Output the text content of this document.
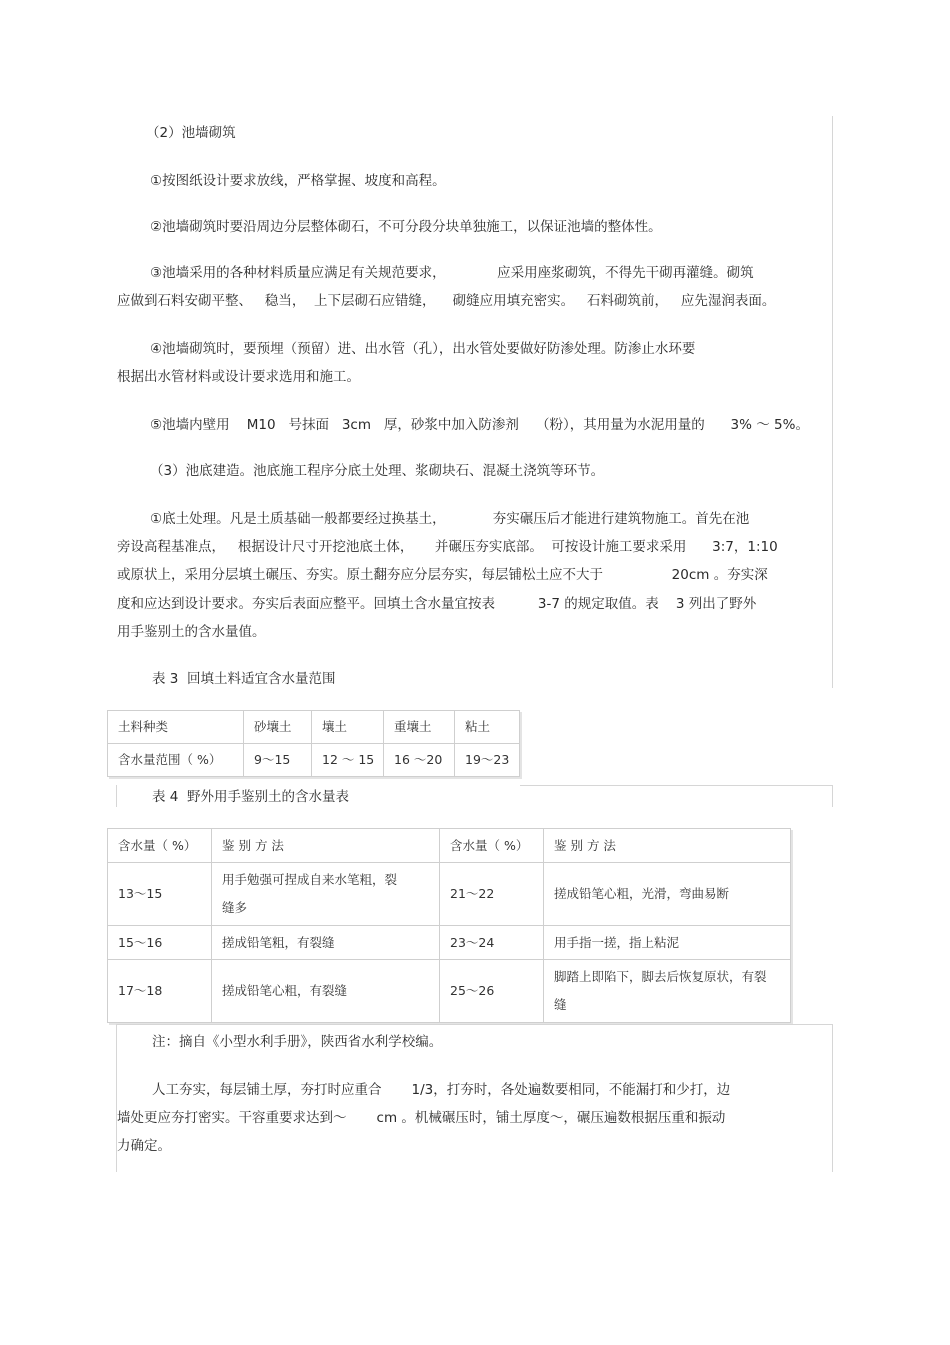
（2）池墙砌筑
①按图纸设计要求放线，严格掌握、坡度和高程。
②池墙砌筑时要沿周边分层整体砌石，不可分段分块单独施工，以保证池墙的整体性。
③池墙采用的各种材料质量应满足有关规范要求，            应采用座浆砌筑，不得先干砌再灌缝。砌筑
应做到石料安砌平整、   稳当，  上下层砌石应错缝，    砌缝应用填充密实。   石料砌筑前，   应先湿润表面。
④池墙砌筑时，要预埋（预留）进、出水管（孔），出水管处要做好防渗处理。防渗止水环要
根据出水管材料或设计要求选用和施工。
⑤池墙内壁用    M10   号抹面   3cm   厚，砂浆中加入防渗剂    （粉），其用量为水泥用量的      3% ～ 5%。
（3）池底建造。池底施工程序分底土处理、浆砌块石、混凝土浇筑等环节。
①底土处理。凡是土质基础一般都要经过换基土，           夯实碾压后才能进行建筑物施工。首先在池
旁设高程基准点，   根据设计尺寸开挖池底土体，     并碾压夯实底部。  可按设计施工要求采用      3:7，1:10
或原状上，采用分层填土碾压、夯实。原土翻夯应分层夯实，每层铺松土应不大于                20cm 。夯实深
度和应达到设计要求。夯实后表面应整平。回填土含水量宜按表          3-7 的规定取值。表    3 列出了野外
用手鉴别土的含水量值。
表 3  回填土料适宜含水量范围
土料种类	砂壤土	壤土	重壤土	粘土
含水量范围（ %）	9～15	12 ～ 15	16 ～20	19～23
表 4  野外用手鉴别土的含水量表
含水量（ %）	鉴 别 方 法	含水量（ %）	鉴 别 方 法
13～15	用手勉强可捏成自来水笔粗，裂缝多	21～22	搓成铅笔心粗，光滑，弯曲易断
15～16	搓成铅笔粗，有裂缝	23～24	用手指一搓，指上粘泥
17～18	搓成铅笔心粗，有裂缝	25～26	脚踏上即陷下，脚去后恢复原状，有裂缝
注：摘自《小型水利手册》，陕西省水利学校编。
人工夯实，每层铺土厚，夯打时应重合       1/3，打夯时，各处遍数要相同，不能漏打和少打，边
墙处更应夯打密实。干容重要求达到～       cm 。机械碾压时，铺土厚度～，碾压遍数根据压重和振动
力确定。
